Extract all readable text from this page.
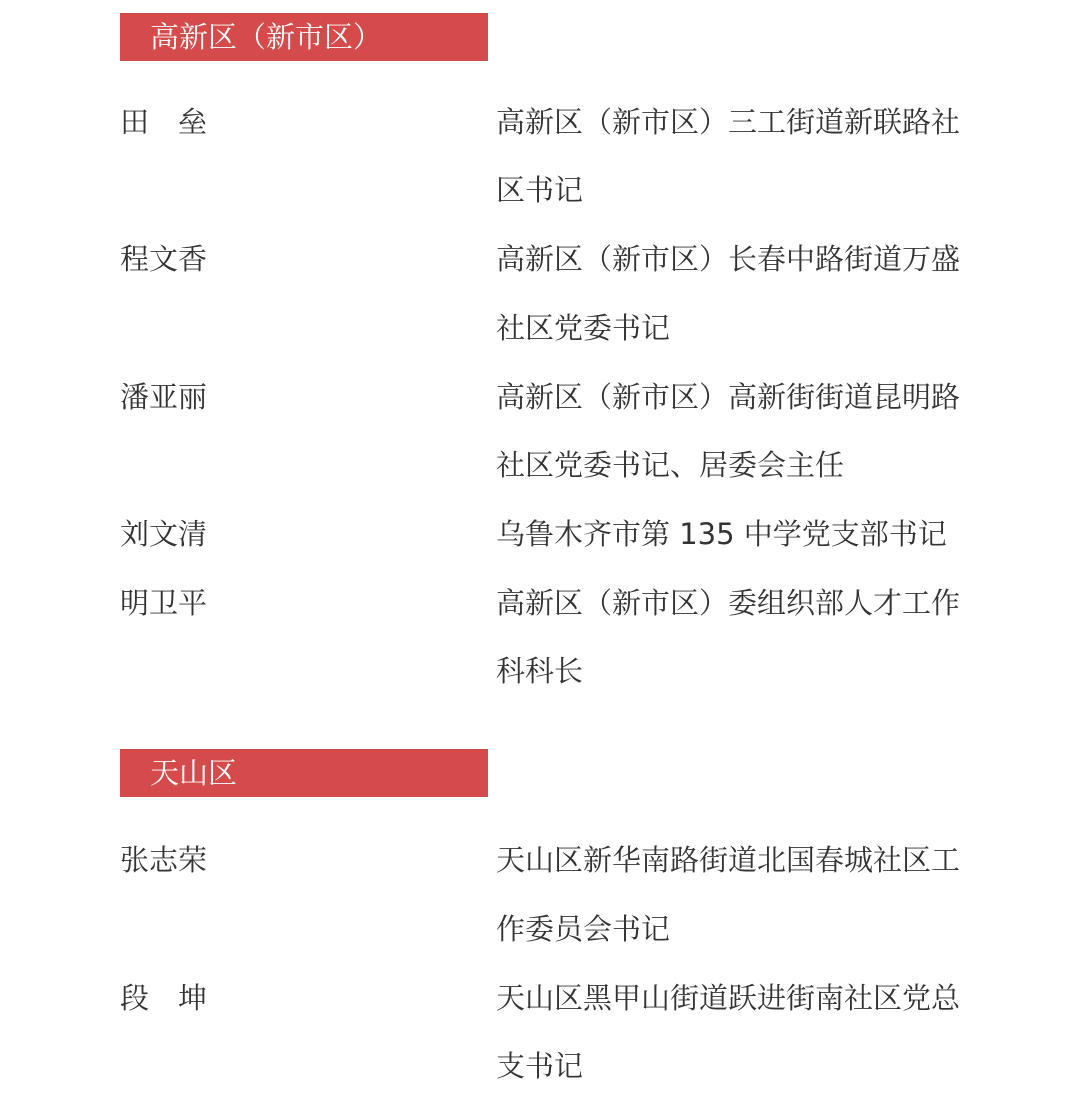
高新区（新市区）
田　垒	高新区（新市区）三工街道新联路社
区书记
程文香	高新区（新市区）长春中路街道万盛
社区党委书记
潘亚丽	高新区（新市区）高新街街道昆明路
社区党委书记、居委会主任
刘文清	乌鲁木齐市第 135 中学党支部书记
明卫平	高新区（新市区）委组织部人才工作
科科长
天山区
张志荣	天山区新华南路街道北国春城社区工
作委员会书记
段　坤	天山区黑甲山街道跃进街南社区党总
支书记
